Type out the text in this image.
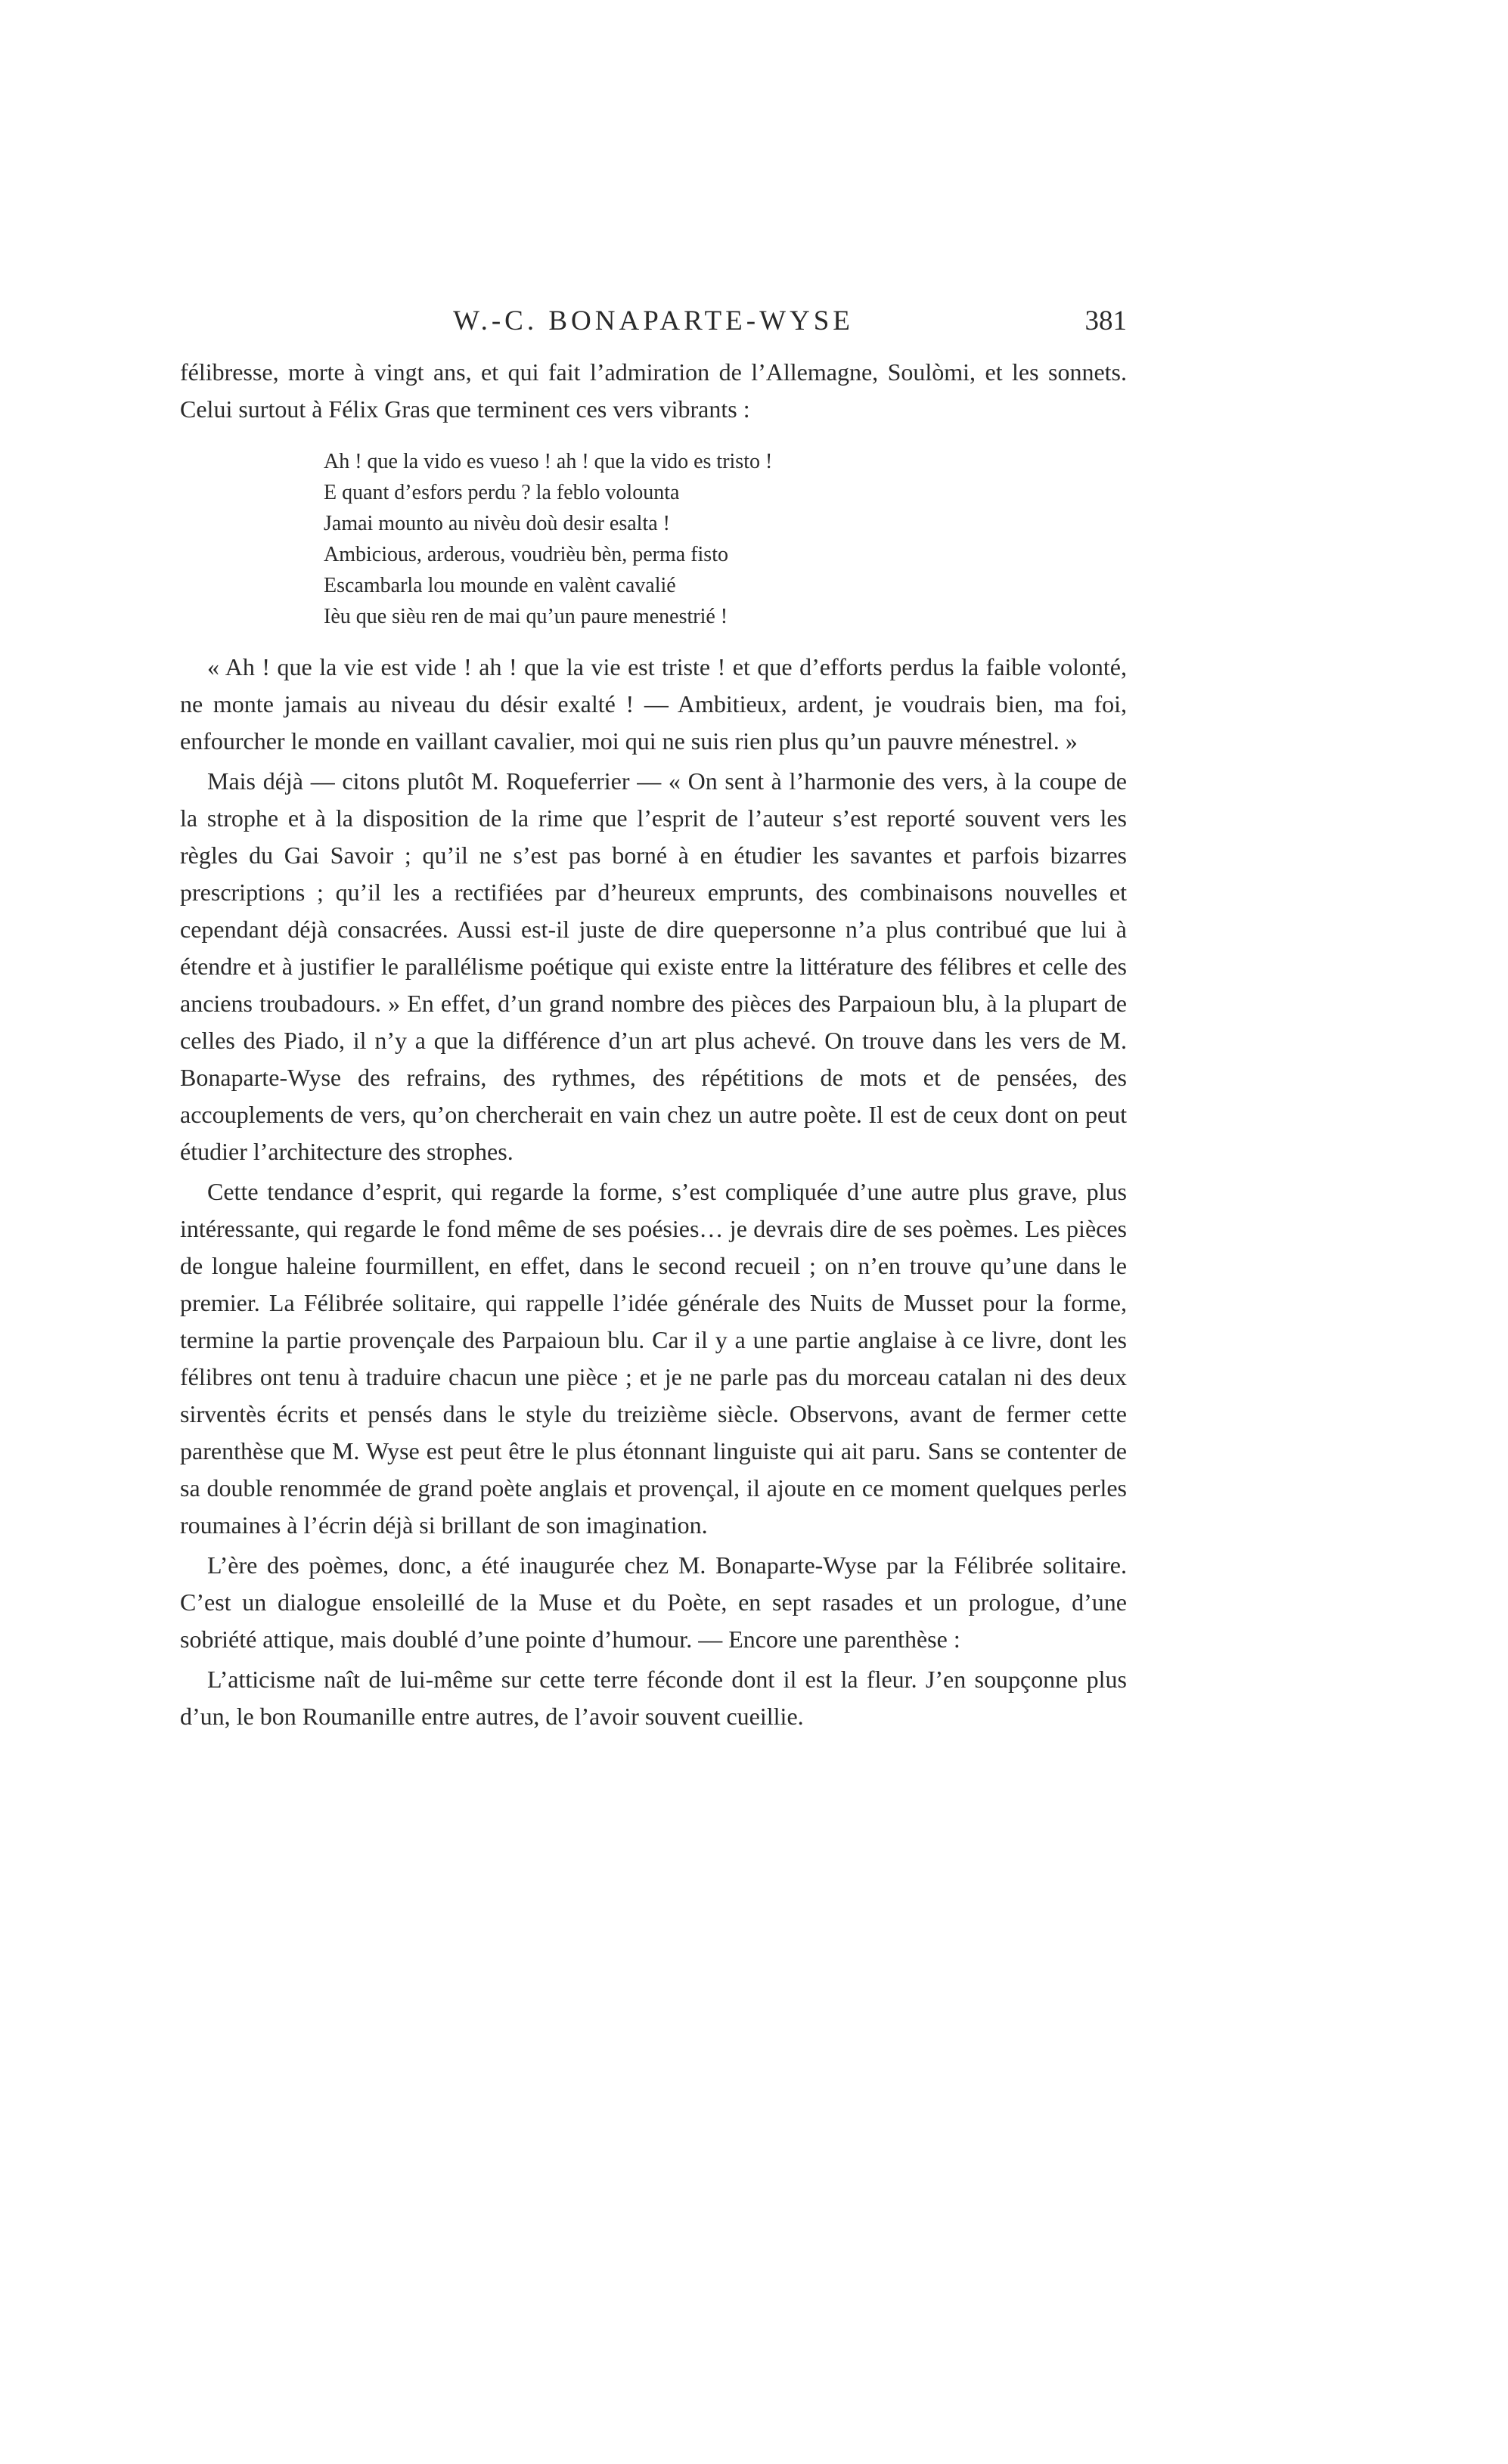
W.-C. BONAPARTE-WYSE	381

félibresse, morte à vingt ans, et qui fait l’admiration de l’Allemagne, Soulòmi, et les sonnets. Celui surtout à Félix Gras que terminent ces vers vibrants :

Ah ! que la vido es vueso ! ah ! que la vido es tristo !
E quant d’esfors perdu ? la feblo volounta
Jamai mounto au nivèu doù desir esalta !
Ambicious, arderous, voudrièu bèn, perma fisto
Escambarla lou mounde en valènt cavalié
Ièu que sièu ren de mai qu’un paure menestrié !

« Ah ! que la vie est vide ! ah ! que la vie est triste ! et que d’efforts perdus la faible volonté, ne monte jamais au niveau du désir exalté ! — Ambitieux, ardent, je voudrais bien, ma foi, enfourcher le monde en vaillant cavalier, moi qui ne suis rien plus qu’un pauvre ménestrel. »

Mais déjà — citons plutôt M. Roqueferrier — « On sent à l’harmonie des vers, à la coupe de la strophe et à la disposition de la rime que l’esprit de l’auteur s’est reporté souvent vers les règles du Gai Savoir ; qu’il ne s’est pas borné à en étudier les savantes et parfois bizarres prescriptions ; qu’il les a rectifiées par d’heureux emprunts, des combinaisons nouvelles et cependant déjà consacrées. Aussi est-il juste de dire quepersonne n’a plus contribué que lui à étendre et à justifier le parallélisme poétique qui existe entre la littérature des félibres et celle des anciens troubadours. » En effet, d’un grand nombre des pièces des Parpaioun blu, à la plupart de celles des Piado, il n’y a que la différence d’un art plus achevé. On trouve dans les vers de M. Bonaparte-Wyse des refrains, des rythmes, des répétitions de mots et de pensées, des accouplements de vers, qu’on chercherait en vain chez un autre poète. Il est de ceux dont on peut étudier l’architecture des strophes.

Cette tendance d’esprit, qui regarde la forme, s’est compliquée d’une autre plus grave, plus intéressante, qui regarde le fond même de ses poésies… je devrais dire de ses poèmes. Les pièces de longue haleine fourmillent, en effet, dans le second recueil ; on n’en trouve qu’une dans le premier. La Félibrée solitaire, qui rappelle l’idée générale des Nuits de Musset pour la forme, termine la partie provençale des Parpaioun blu. Car il y a une partie anglaise à ce livre, dont les félibres ont tenu à traduire chacun une pièce ; et je ne parle pas du morceau catalan ni des deux sirventès écrits et pensés dans le style du treizième siècle. Observons, avant de fermer cette parenthèse que M. Wyse est peut être le plus étonnant linguiste qui ait paru. Sans se contenter de sa double renommée de grand poète anglais et provençal, il ajoute en ce moment quelques perles roumaines à l’écrin déjà si brillant de son imagination.

L’ère des poèmes, donc, a été inaugurée chez M. Bonaparte-Wyse par la Félibrée solitaire. C’est un dialogue ensoleillé de la Muse et du Poète, en sept rasades et un prologue, d’une sobriété attique, mais doublé d’une pointe d’humour. — Encore une parenthèse :

L’atticisme naît de lui-même sur cette terre féconde dont il est la fleur. J’en soupçonne plus d’un, le bon Roumanille entre autres, de l’avoir souvent cueillie.
